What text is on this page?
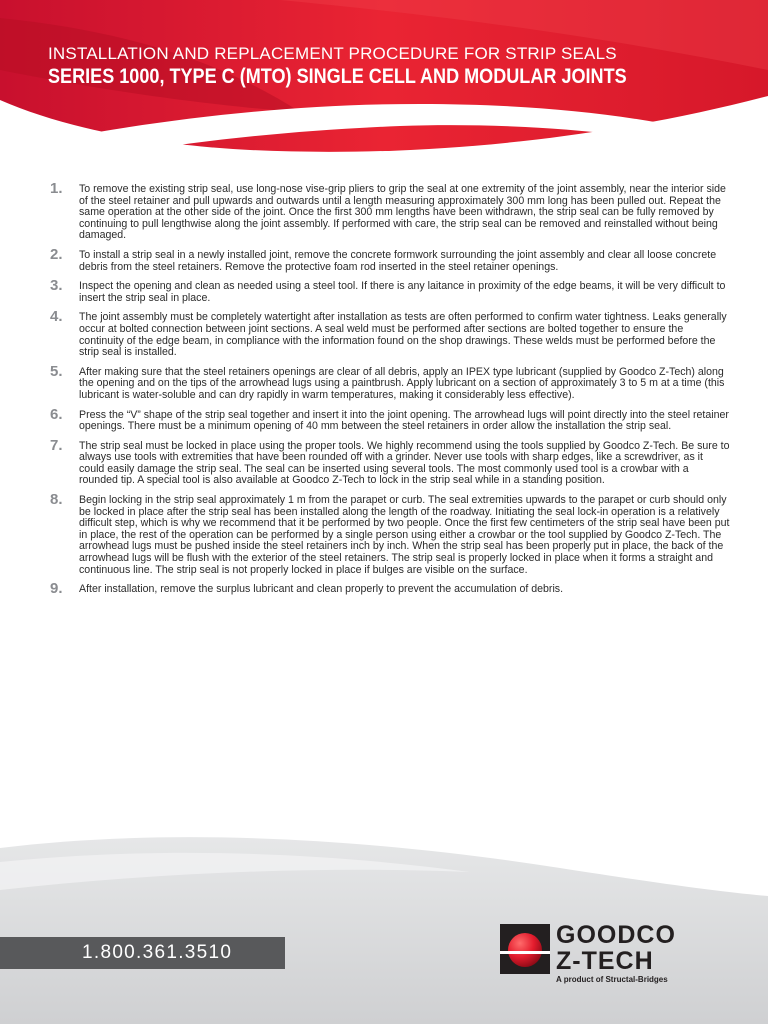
INSTALLATION AND REPLACEMENT PROCEDURE FOR STRIP SEALS
SERIES 1000, TYPE C (MTO) SINGLE CELL AND MODULAR JOINTS
1.	To remove the existing strip seal, use long-nose vise-grip pliers to grip the seal at one extremity of the joint assembly, near the interior side of the steel retainer and pull upwards and outwards until a length measuring approximately 300 mm long has been pulled out. Repeat the same operation at the other side of the joint. Once the first 300 mm lengths have been withdrawn, the strip seal can be fully removed by continuing to pull lengthwise along the joint assembly. If performed with care, the strip seal can be removed and reinstalled without being damaged.
2.	To install a strip seal in a newly installed joint, remove the concrete formwork surrounding the joint assembly and clear all loose concrete debris from the steel retainers. Remove the protective foam rod inserted in the steel retainer openings.
3.	Inspect the opening and clean as needed using a steel tool. If there is any laitance in proximity of the edge beams, it will be very difficult to insert the strip seal in place.
4.	The joint assembly must be completely watertight after installation as tests are often performed to confirm water tightness. Leaks generally occur at bolted connection between joint sections. A seal weld must be performed after sections are bolted together to ensure the continuity of the edge beam, in compliance with the information found on the shop drawings. These welds must be performed before the strip seal is installed.
5.	After making sure that the steel retainers openings are clear of all debris, apply an IPEX type lubricant (supplied by Goodco Z-Tech) along the opening and on the tips of the arrowhead lugs using a paintbrush. Apply lubricant on a section of approximately 3 to 5 m at a time (this lubricant is water-soluble and can dry rapidly in warm temperatures, making it considerably less effective).
6.	Press the “V” shape of the strip seal together and insert it into the joint opening. The arrowhead lugs will point directly into the steel retainer openings. There must be a minimum opening of 40 mm between the steel retainers in order allow the installation the strip seal.
7.	The strip seal must be locked in place using the proper tools. We highly recommend using the tools supplied by Goodco Z-Tech. Be sure to always use tools with extremities that have been rounded off with a grinder. Never use tools with sharp edges, like a screwdriver, as it could easily damage the strip seal. The seal can be inserted using several tools. The most commonly used tool is a crowbar with a rounded tip. A special tool is also available at Goodco Z-Tech to lock in the strip seal while in a standing position.
8.	Begin locking in the strip seal approximately 1 m from the parapet or curb. The seal extremities upwards to the parapet or curb should only be locked in place after the strip seal has been installed along the length of the roadway. Initiating the seal lock-in operation is a relatively difficult step, which is why we recommend that it be performed by two people. Once the first few centimeters of the strip seal have been put in place, the rest of the operation can be performed by a single person using either a crowbar or the tool supplied by Goodco Z-Tech. The arrowhead lugs must be pushed inside the steel retainers inch by inch. When the strip seal has been properly put in place, the back of the arrowhead lugs will be flush with the exterior of the steel retainers. The strip seal is properly locked in place when it forms a straight and continuous line. The strip seal is not properly locked in place if bulges are visible on the surface.
9.	After installation, remove the surplus lubricant and clean properly to prevent the accumulation of debris.
1.800.361.3510
GOODCO
Z-TECH
A product of Structal-Bridges
